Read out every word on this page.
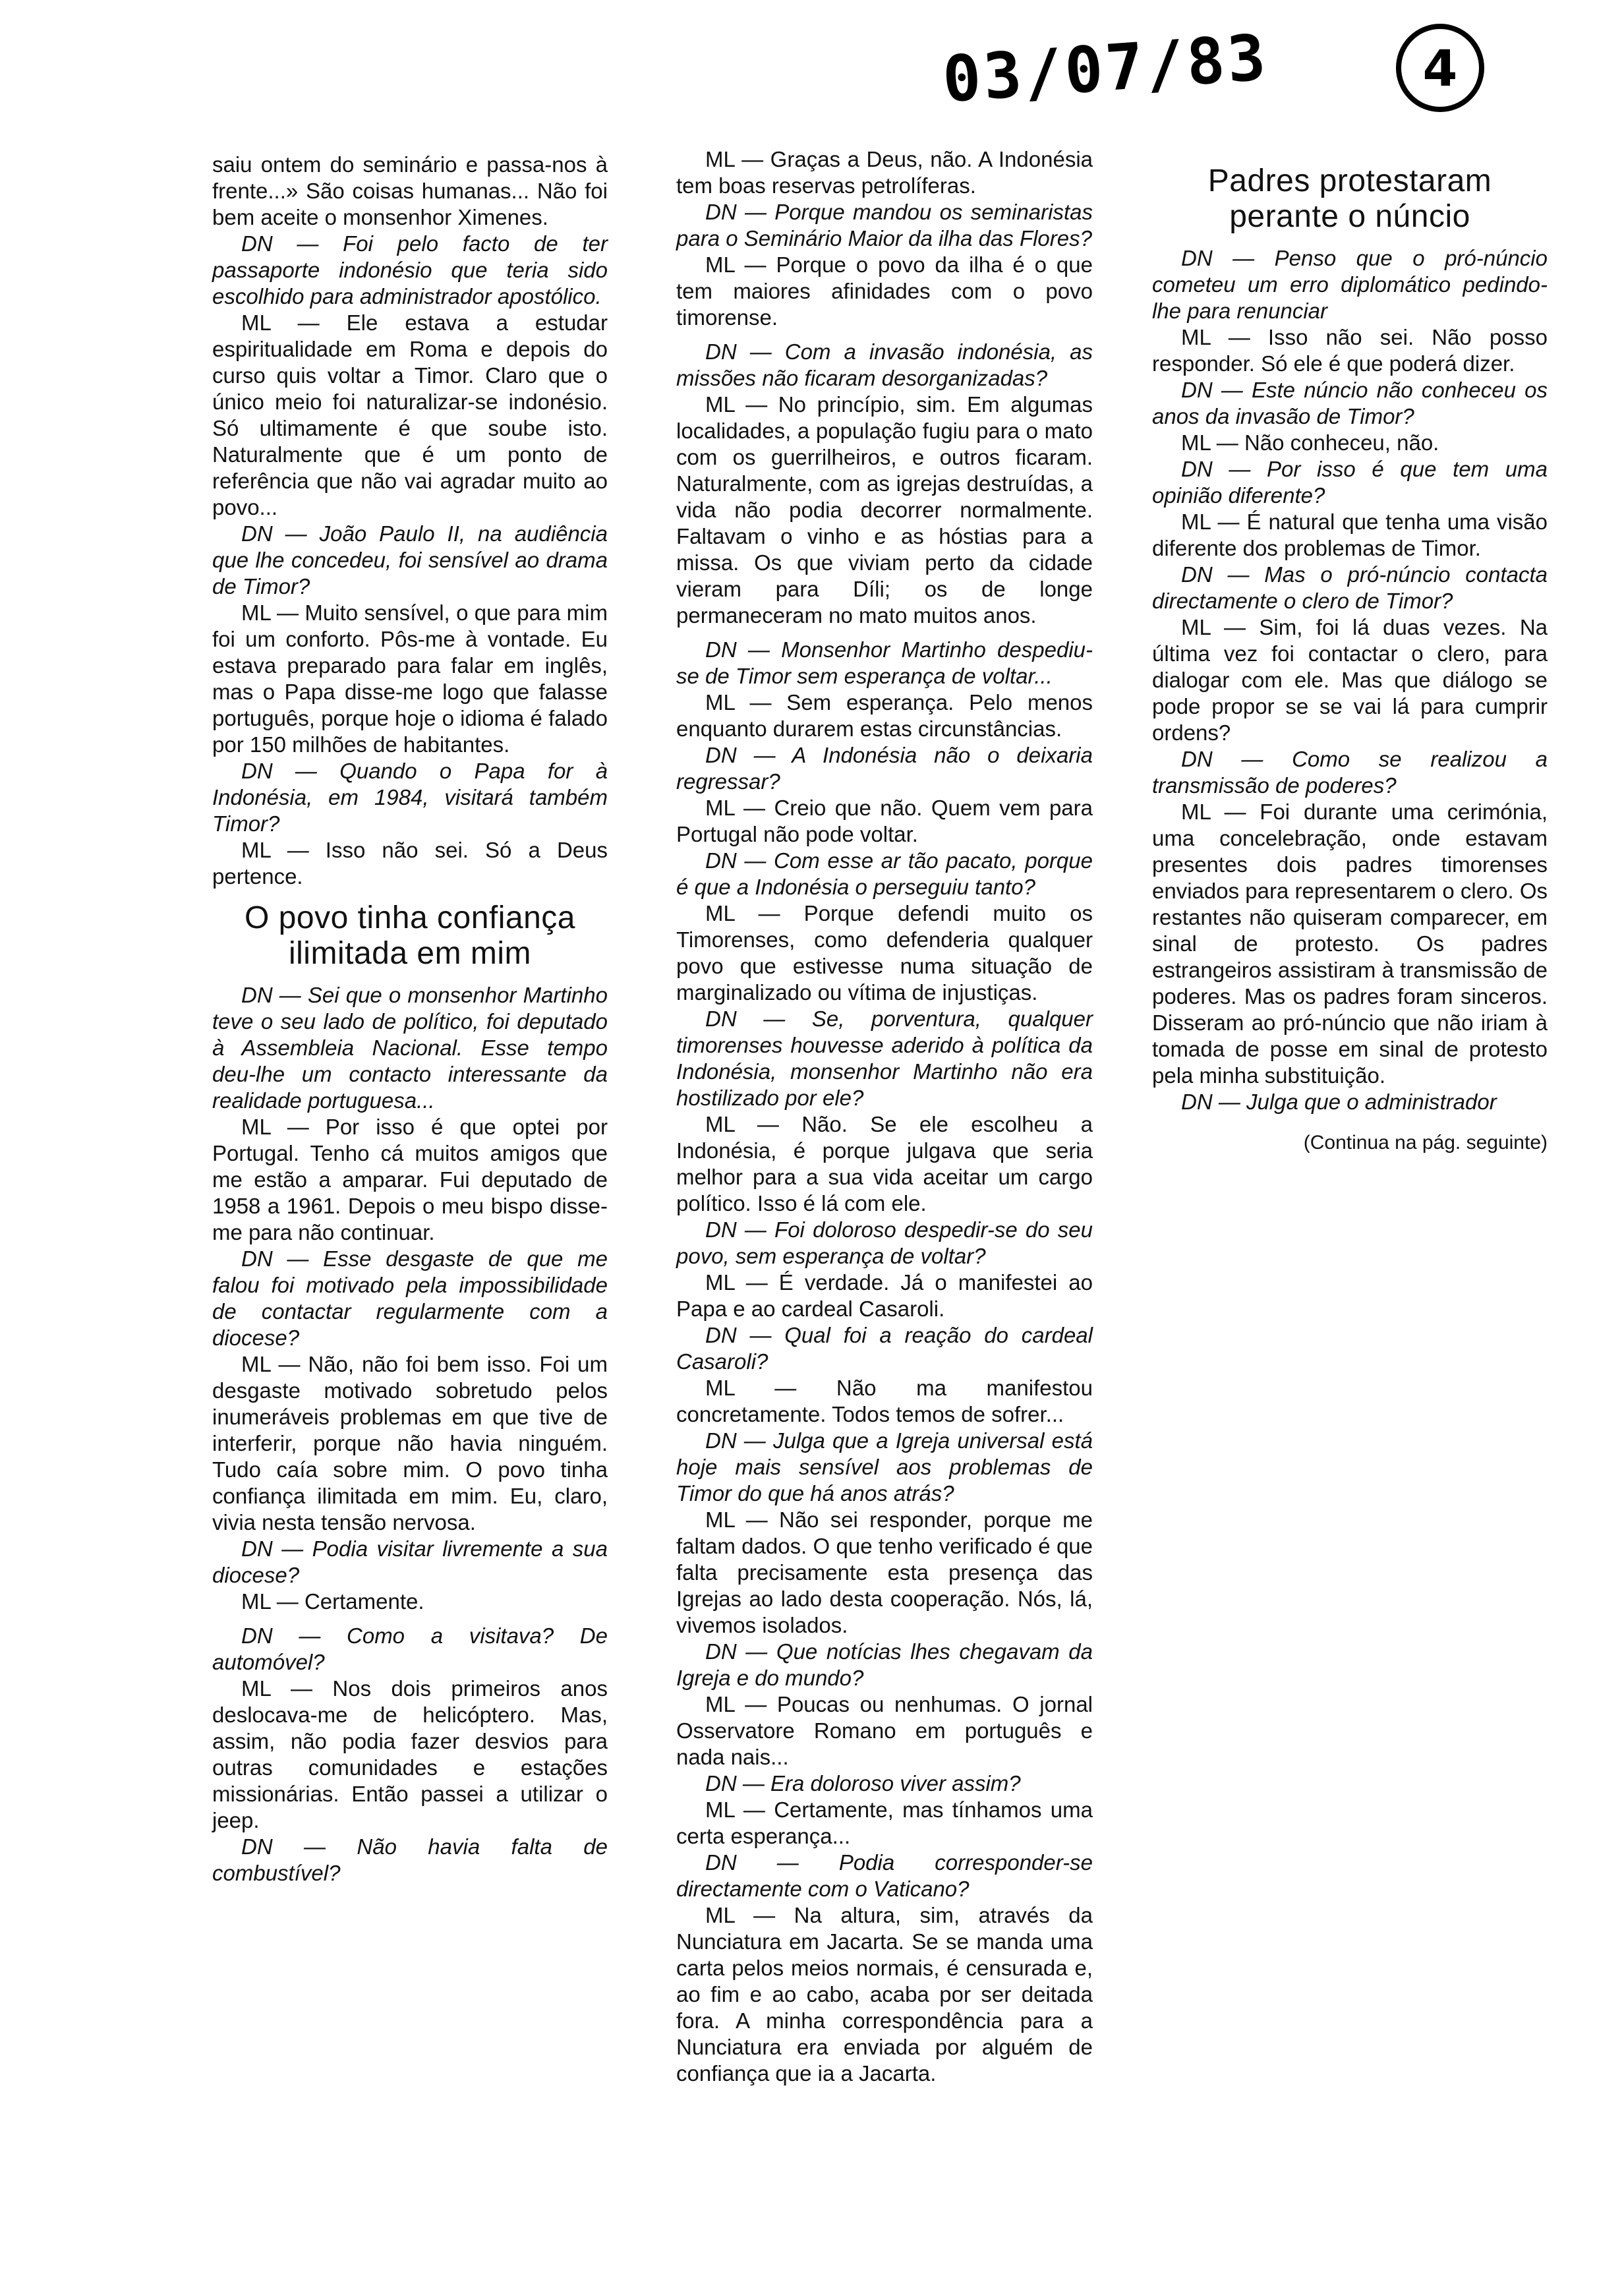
03/07/83	4

saiu ontem do seminário e passa-nos à frente...» São coisas humanas... Não foi bem aceite o monsenhor Ximenes.

DN — Foi pelo facto de ter passaporte indonésio que teria sido escolhido para administrador apostólico.

ML — Ele estava a estudar espiritualidade em Roma e depois do curso quis voltar a Timor. Claro que o único meio foi naturalizar-se indonésio. Só ultimamente é que soube isto. Naturalmente que é um ponto de referência que não vai agradar muito ao povo...

DN — João Paulo II, na audiência que lhe concedeu, foi sensível ao drama de Timor?

ML — Muito sensível, o que para mim foi um conforto. Pôs-me à vontade. Eu estava preparado para falar em inglês, mas o Papa disse-me logo que falasse português, porque hoje o idioma é falado por 150 milhões de habitantes.

DN — Quando o Papa for à Indonésia, em 1984, visitará também Timor?

ML — Isso não sei. Só a Deus pertence.

O povo tinha confiança ilimitada em mim

DN — Sei que o monsenhor Martinho teve o seu lado de político, foi deputado à Assembleia Nacional. Esse tempo deu-lhe um contacto interessante da realidade portuguesa...

ML — Por isso é que optei por Portugal. Tenho cá muitos amigos que me estão a amparar. Fui deputado de 1958 a 1961. Depois o meu bispo disse-me para não continuar.

DN — Esse desgaste de que me falou foi motivado pela impossibilidade de contactar regularmente com a diocese?

ML — Não, não foi bem isso. Foi um desgaste motivado sobretudo pelos inumeráveis problemas em que tive de interferir, porque não havia ninguém. Tudo caía sobre mim. O povo tinha confiança ilimitada em mim. Eu, claro, vivia nesta tensão nervosa.

DN — Podia visitar livremente a sua diocese?

ML — Certamente.

DN — Como a visitava? De automóvel?

ML — Nos dois primeiros anos deslocava-me de helicóptero. Mas, assim, não podia fazer desvios para outras comunidades e estações missionárias. Então passei a utilizar o jeep.

DN — Não havia falta de combustível?

ML — Graças a Deus, não. A Indonésia tem boas reservas petrolíferas.

DN — Porque mandou os seminaristas para o Seminário Maior da ilha das Flores?

ML — Porque o povo da ilha é o que tem maiores afinidades com o povo timorense.

DN — Com a invasão indonésia, as missões não ficaram desorganizadas?

ML — No princípio, sim. Em algumas localidades, a população fugiu para o mato com os guerrilheiros, e outros ficaram. Naturalmente, com as igrejas destruídas, a vida não podia decorrer normalmente. Faltavam o vinho e as hóstias para a missa. Os que viviam perto da cidade vieram para Díli; os de longe permaneceram no mato muitos anos.

DN — Monsenhor Martinho despediu-se de Timor sem esperança de voltar...

ML — Sem esperança. Pelo menos enquanto durarem estas circunstâncias.

DN — A Indonésia não o deixaria regressar?

ML — Creio que não. Quem vem para Portugal não pode voltar.

DN — Com esse ar tão pacato, porque é que a Indonésia o perseguiu tanto?

ML — Porque defendi muito os Timorenses, como defenderia qualquer povo que estivesse numa situação de marginalizado ou vítima de injustiças.

DN — Se, porventura, qualquer timorenses houvesse aderido à política da Indonésia, monsenhor Martinho não era hostilizado por ele?

ML — Não. Se ele escolheu a Indonésia, é porque julgava que seria melhor para a sua vida aceitar um cargo político. Isso é lá com ele.

DN — Foi doloroso despedir-se do seu povo, sem esperança de voltar?

ML — É verdade. Já o manifestei ao Papa e ao cardeal Casaroli.

DN — Qual foi a reação do cardeal Casaroli?

ML — Não ma manifestou concretamente. Todos temos de sofrer...

DN — Julga que a Igreja universal está hoje mais sensível aos problemas de Timor do que há anos atrás?

ML — Não sei responder, porque me faltam dados. O que tenho verificado é que falta precisamente esta presença das Igrejas ao lado desta cooperação. Nós, lá, vivemos isolados.

DN — Que notícias lhes chegavam da Igreja e do mundo?

ML — Poucas ou nenhumas. O jornal Osservatore Romano em português e nada nais...

DN — Era doloroso viver assim?

ML — Certamente, mas tínhamos uma certa esperança...

DN — Podia corresponder-se directamente com o Vaticano?

ML — Na altura, sim, através da Nunciatura em Jacarta. Se se manda uma carta pelos meios normais, é censurada e, ao fim e ao cabo, acaba por ser deitada fora. A minha correspondência para a Nunciatura era enviada por alguém de confiança que ia a Jacarta.

Padres protestaram perante o núncio

DN — Penso que o pró-núncio cometeu um erro diplomático pedindo-lhe para renunciar

ML — Isso não sei. Não posso responder. Só ele é que poderá dizer.

DN — Este núncio não conheceu os anos da invasão de Timor?

ML — Não conheceu, não.

DN — Por isso é que tem uma opinião diferente?

ML — É natural que tenha uma visão diferente dos problemas de Timor.

DN — Mas o pró-núncio contacta directamente o clero de Timor?

ML — Sim, foi lá duas vezes. Na última vez foi contactar o clero, para dialogar com ele. Mas que diálogo se pode propor se se vai lá para cumprir ordens?

DN — Como se realizou a transmissão de poderes?

ML — Foi durante uma cerimónia, uma concelebração, onde estavam presentes dois padres timorenses enviados para representarem o clero. Os restantes não quiseram comparecer, em sinal de protesto. Os padres estrangeiros assistiram à transmissão de poderes. Mas os padres foram sinceros. Disseram ao pró-núncio que não iriam à tomada de posse em sinal de protesto pela minha substituição.

DN — Julga que o administrador

(Continua na pág. seguinte)
